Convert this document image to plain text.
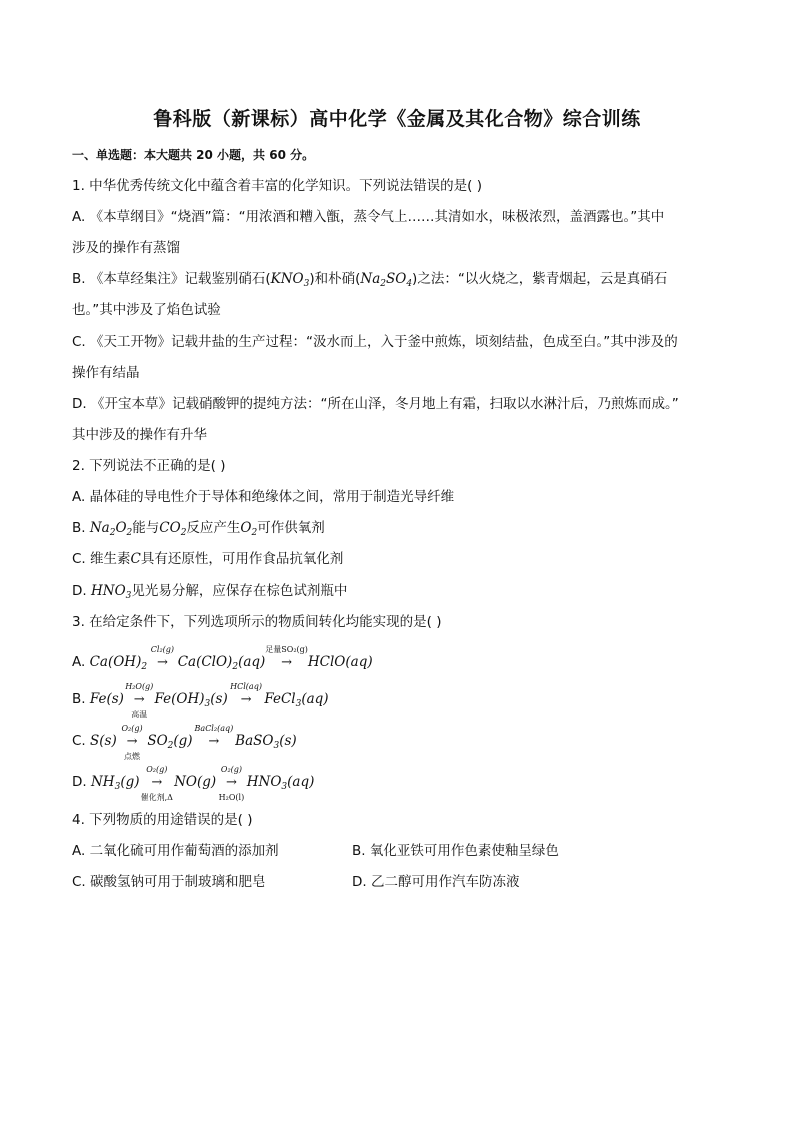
鲁科版（新课标）高中化学《金属及其化合物》综合训练
一、单选题：本大题共 20 小题，共 60 分。
1. 中华优秀传统文化中蕴含着丰富的化学知识。下列说法错误的是( )
A. 《本草纲目》“烧酒”篇：“用浓酒和糟入甑，蒸令气上……其清如水，味极浓烈，盖酒露也。”其中
涉及的操作有蒸馏
B. 《本草经集注》记载鉴别硝石$(KNO_3)$和朴硝$(Na_2SO_4)$之法：“以火烧之，紫青烟起，云是真硝石
也。”其中涉及了焰色试验
C. 《天工开物》记载井盐的生产过程：“汲水而上，入于釜中煎炼，顷刻结盐，色成至白。”其中涉及的
操作有结晶
D. 《开宝本草》记载硝酸钾的提纯方法：“所在山泽，冬月地上有霜，扫取以水淋汁后，乃煎炼而成。”
其中涉及的操作有升华
2. 下列说法不正确的是( )
A. 晶体硅的导电性介于导体和绝缘体之间，常用于制造光导纤维
B. $Na_2O_2$能与$CO_2$反应产生$O_2$可作供氧剂
C. 维生素C具有还原性，可用作食品抗氧化剂
D. $HNO_3$见光易分解，应保存在棕色试剂瓶中
3. 在给定条件下，下列选项所示的物质间转化均能实现的是( )
A. $Ca(OH)_2$
Cl₂(g)
→ $Ca(ClO)_2(aq)$
足量SO₂(g)
→ HClO(aq)
B. Fe(s)
H₂O(g)
→
高温
$Fe(OH)_3(s)$
HCl(aq)
→ FeCl$_3$(aq)
C. S(s)
O₂(g)
→
点燃
$SO_2(g)$
BaCl₂(aq)
→ BaSO$_3$(s)
D. $NH_3(g)$
O₂(g)
→
催化剂,Δ
NO(g)
O₂(g)
→
H₂O(l)
$HNO_3(aq)$
4. 下列物质的用途错误的是( )
A. 二氧化硫可用作葡萄酒的添加剂	B. 氧化亚铁可用作色素使釉呈绿色
C. 碳酸氢钠可用于制玻璃和肥皂	D. 乙二醇可用作汽车防冻液
